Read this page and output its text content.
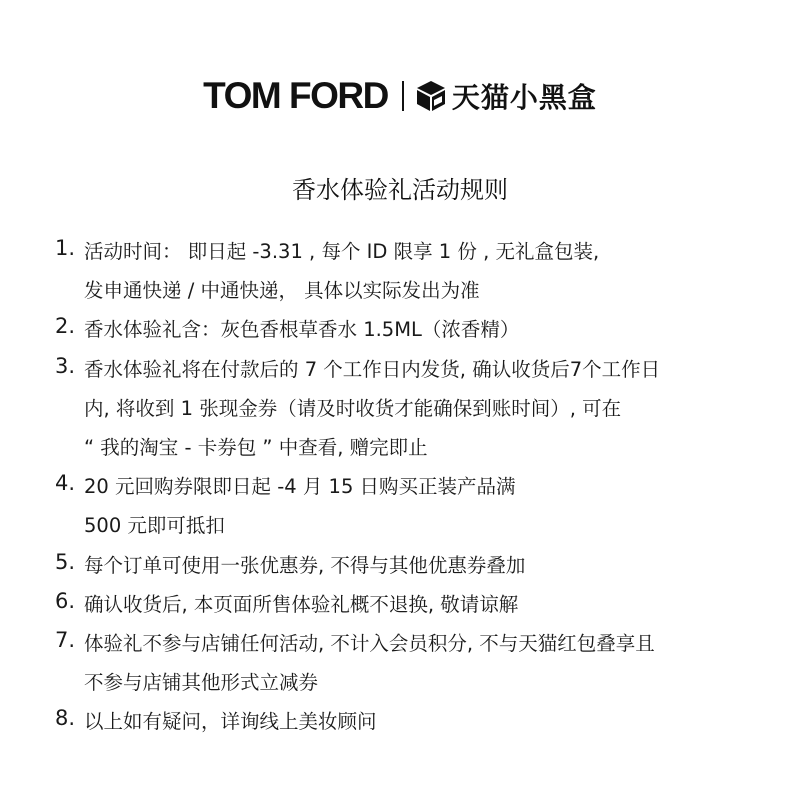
TOM FORD 天猫小黑盒
香水体验礼活动规则
1. 活动时间： 即日起 -3.31 , 每个 ID 限享 1 份 , 无礼盒包装,
发申通快递 / 中通快递， 具体以实际发出为准
2. 香水体验礼含：灰色香根草香水 1.5ML（浓香精）
3. 香水体验礼将在付款后的 7 个工作日内发货, 确认收货后7个工作日
内, 将收到 1 张现金券（请及时收货才能确保到账时间）, 可在
“ 我的淘宝 - 卡券包 ” 中查看, 赠完即止
4. 20 元回购券限即日起 -4 月 15 日购买正装产品满
500 元即可抵扣
5. 每个订单可使用一张优惠券, 不得与其他优惠券叠加
6. 确认收货后, 本页面所售体验礼概不退换, 敬请谅解
7. 体验礼不参与店铺任何活动, 不计入会员积分, 不与天猫红包叠享且
不参与店铺其他形式立减券
8. 以上如有疑问，详询线上美妆顾问
